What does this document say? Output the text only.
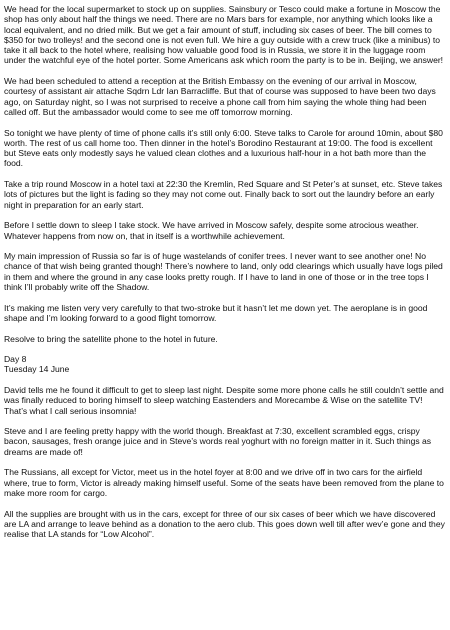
We head for the local supermarket to stock up on supplies. Sainsbury or Tesco could make a fortune in Moscow the shop has only about half the things we need. There are no Mars bars for example, nor anything which looks like a local equivalent, and no dried milk. But we get a fair amount of stuff, including six cases of beer. The bill comes to $350 for two trolleys! and the second one is not even full. We hire a guy outside with a crew truck (like a minibus) to take it all back to the hotel where, realising how valuable good food is in Russia, we store it in the luggage room under the watchful eye of the hotel porter. Some Americans ask which room the party is to be in. Beijing, we answer!

We had been scheduled to attend a reception at the British Embassy on the evening of our arrival in Moscow, courtesy of assistant air attache Sqdrn Ldr Ian Barracliffe. But that of course was supposed to have been two days ago, on Saturday night, so I was not surprised to receive a phone call from him saying the whole thing had been called off. But the ambassador would come to see me off tomorrow morning.

So tonight we have plenty of time of phone calls it’s still only 6:00. Steve talks to Carole for around 10min, about $80 worth. The rest of us call home too. Then dinner in the hotel’s Borodino Restaurant at 19:00. The food is excellent but Steve eats only modestly says he valued clean clothes and a luxurious half-hour in a hot bath more than the food.

Take a trip round Moscow in a hotel taxi at 22:30 the Kremlin, Red Square and St Peter’s at sunset, etc. Steve takes lots of pictures but the light is fading so they may not come out. Finally back to sort out the laundry before an early night in preparation for an early start.

Before I settle down to sleep I take stock. We have arrived in Moscow safely, despite some atrocious weather. Whatever happens from now on, that in itself is a worthwhile achievement.

My main impression of Russia so far is of huge wastelands of conifer trees. I never want to see another one! No chance of that wish being granted though! There’s nowhere to land, only odd clearings which usually have logs piled in them and where the ground in any case looks pretty rough. If I have to land in one of those or in the tree tops I think I’ll probably write off the Shadow.

It’s making me listen very very carefully to that two-stroke but it hasn’t let me down yet. The aeroplane is in good shape and I’m looking forward to a good flight tomorrow.

Resolve to bring the satellite phone to the hotel in future.

Day 8
Tuesday 14 June

David tells me he found it difficult to get to sleep last night. Despite some more phone calls he still couldn’t settle and was finally reduced to boring himself to sleep watching Eastenders and Morecambe & Wise on the satellite TV! That’s what I call serious insomnia!

Steve and I are feeling pretty happy with the world though. Breakfast at 7:30, excellent scrambled eggs, crispy bacon, sausages, fresh orange juice and in Steve’s words real yoghurt with no foreign matter in it. Such things as dreams are made of!

The Russians, all except for Victor, meet us in the hotel foyer at 8:00 and we drive off in two cars for the airfield where, true to form, Victor is already making himself useful. Some of the seats have been removed from the plane to make more room for cargo.

All the supplies are brought with us in the cars, except for three of our six cases of beer which we have discovered are LA and arrange to leave behind as a donation to the aero club. This goes down well till after wev’e gone and they realise that LA stands for “Low Alcohol”.
